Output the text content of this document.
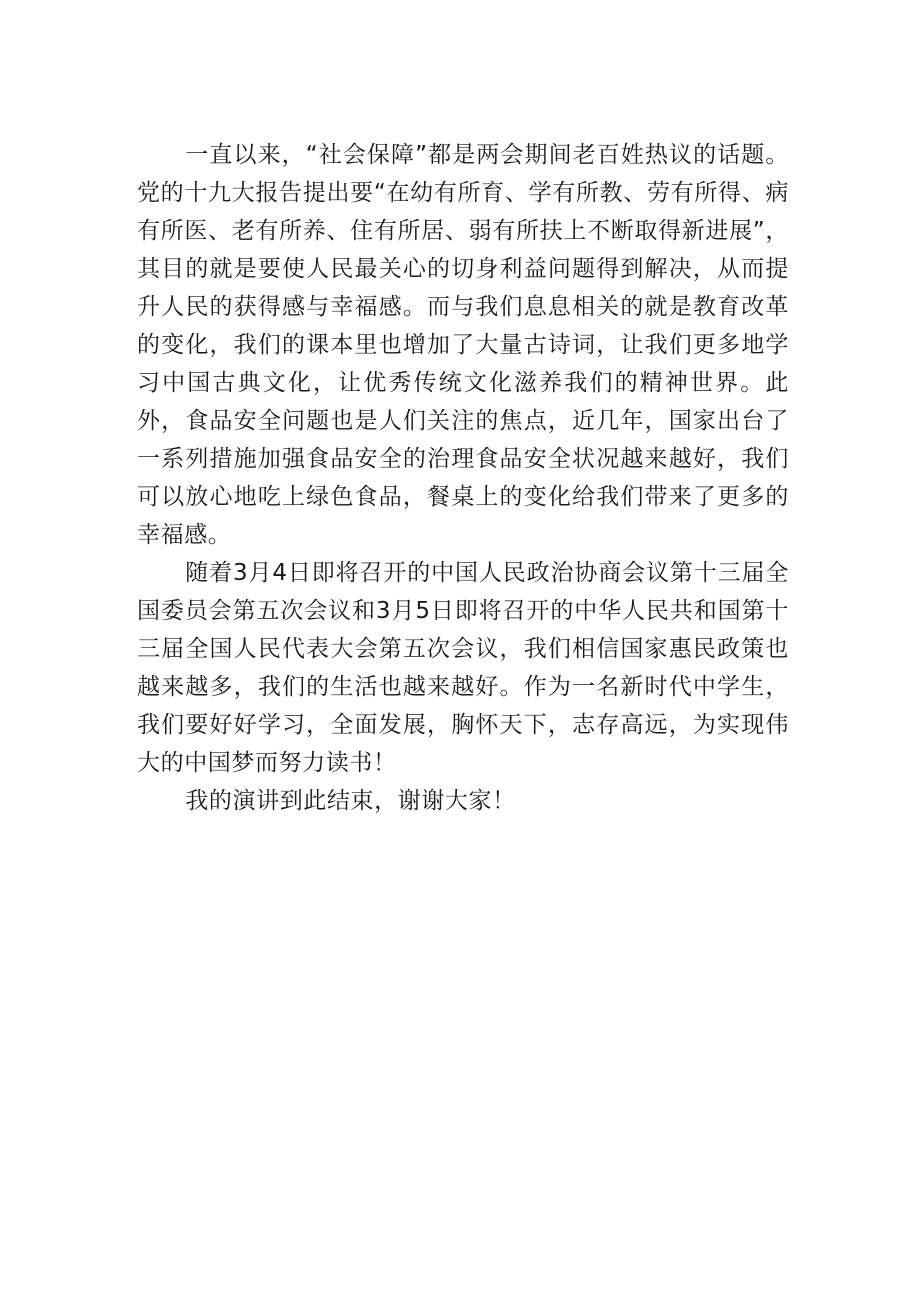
一直以来，“社会保障”都是两会期间老百姓热议的话题。党的十九大报告提出要“在幼有所育、学有所教、劳有所得、病有所医、老有所养、住有所居、弱有所扶上不断取得新进展”，其目的就是要使人民最关心的切身利益问题得到解决，从而提升人民的获得感与幸福感。而与我们息息相关的就是教育改革的变化，我们的课本里也增加了大量古诗词，让我们更多地学习中国古典文化，让优秀传统文化滋养我们的精神世界。此外，食品安全问题也是人们关注的焦点，近几年，国家出台了一系列措施加强食品安全的治理食品安全状况越来越好，我们可以放心地吃上绿色食品，餐桌上的变化给我们带来了更多的幸福感。

随着3月4日即将召开的中国人民政治协商会议第十三届全国委员会第五次会议和3月5日即将召开的中华人民共和国第十三届全国人民代表大会第五次会议，我们相信国家惠民政策也越来越多，我们的生活也越来越好。作为一名新时代中学生，我们要好好学习，全面发展，胸怀天下，志存高远，为实现伟大的中国梦而努力读书！

我的演讲到此结束，谢谢大家！
